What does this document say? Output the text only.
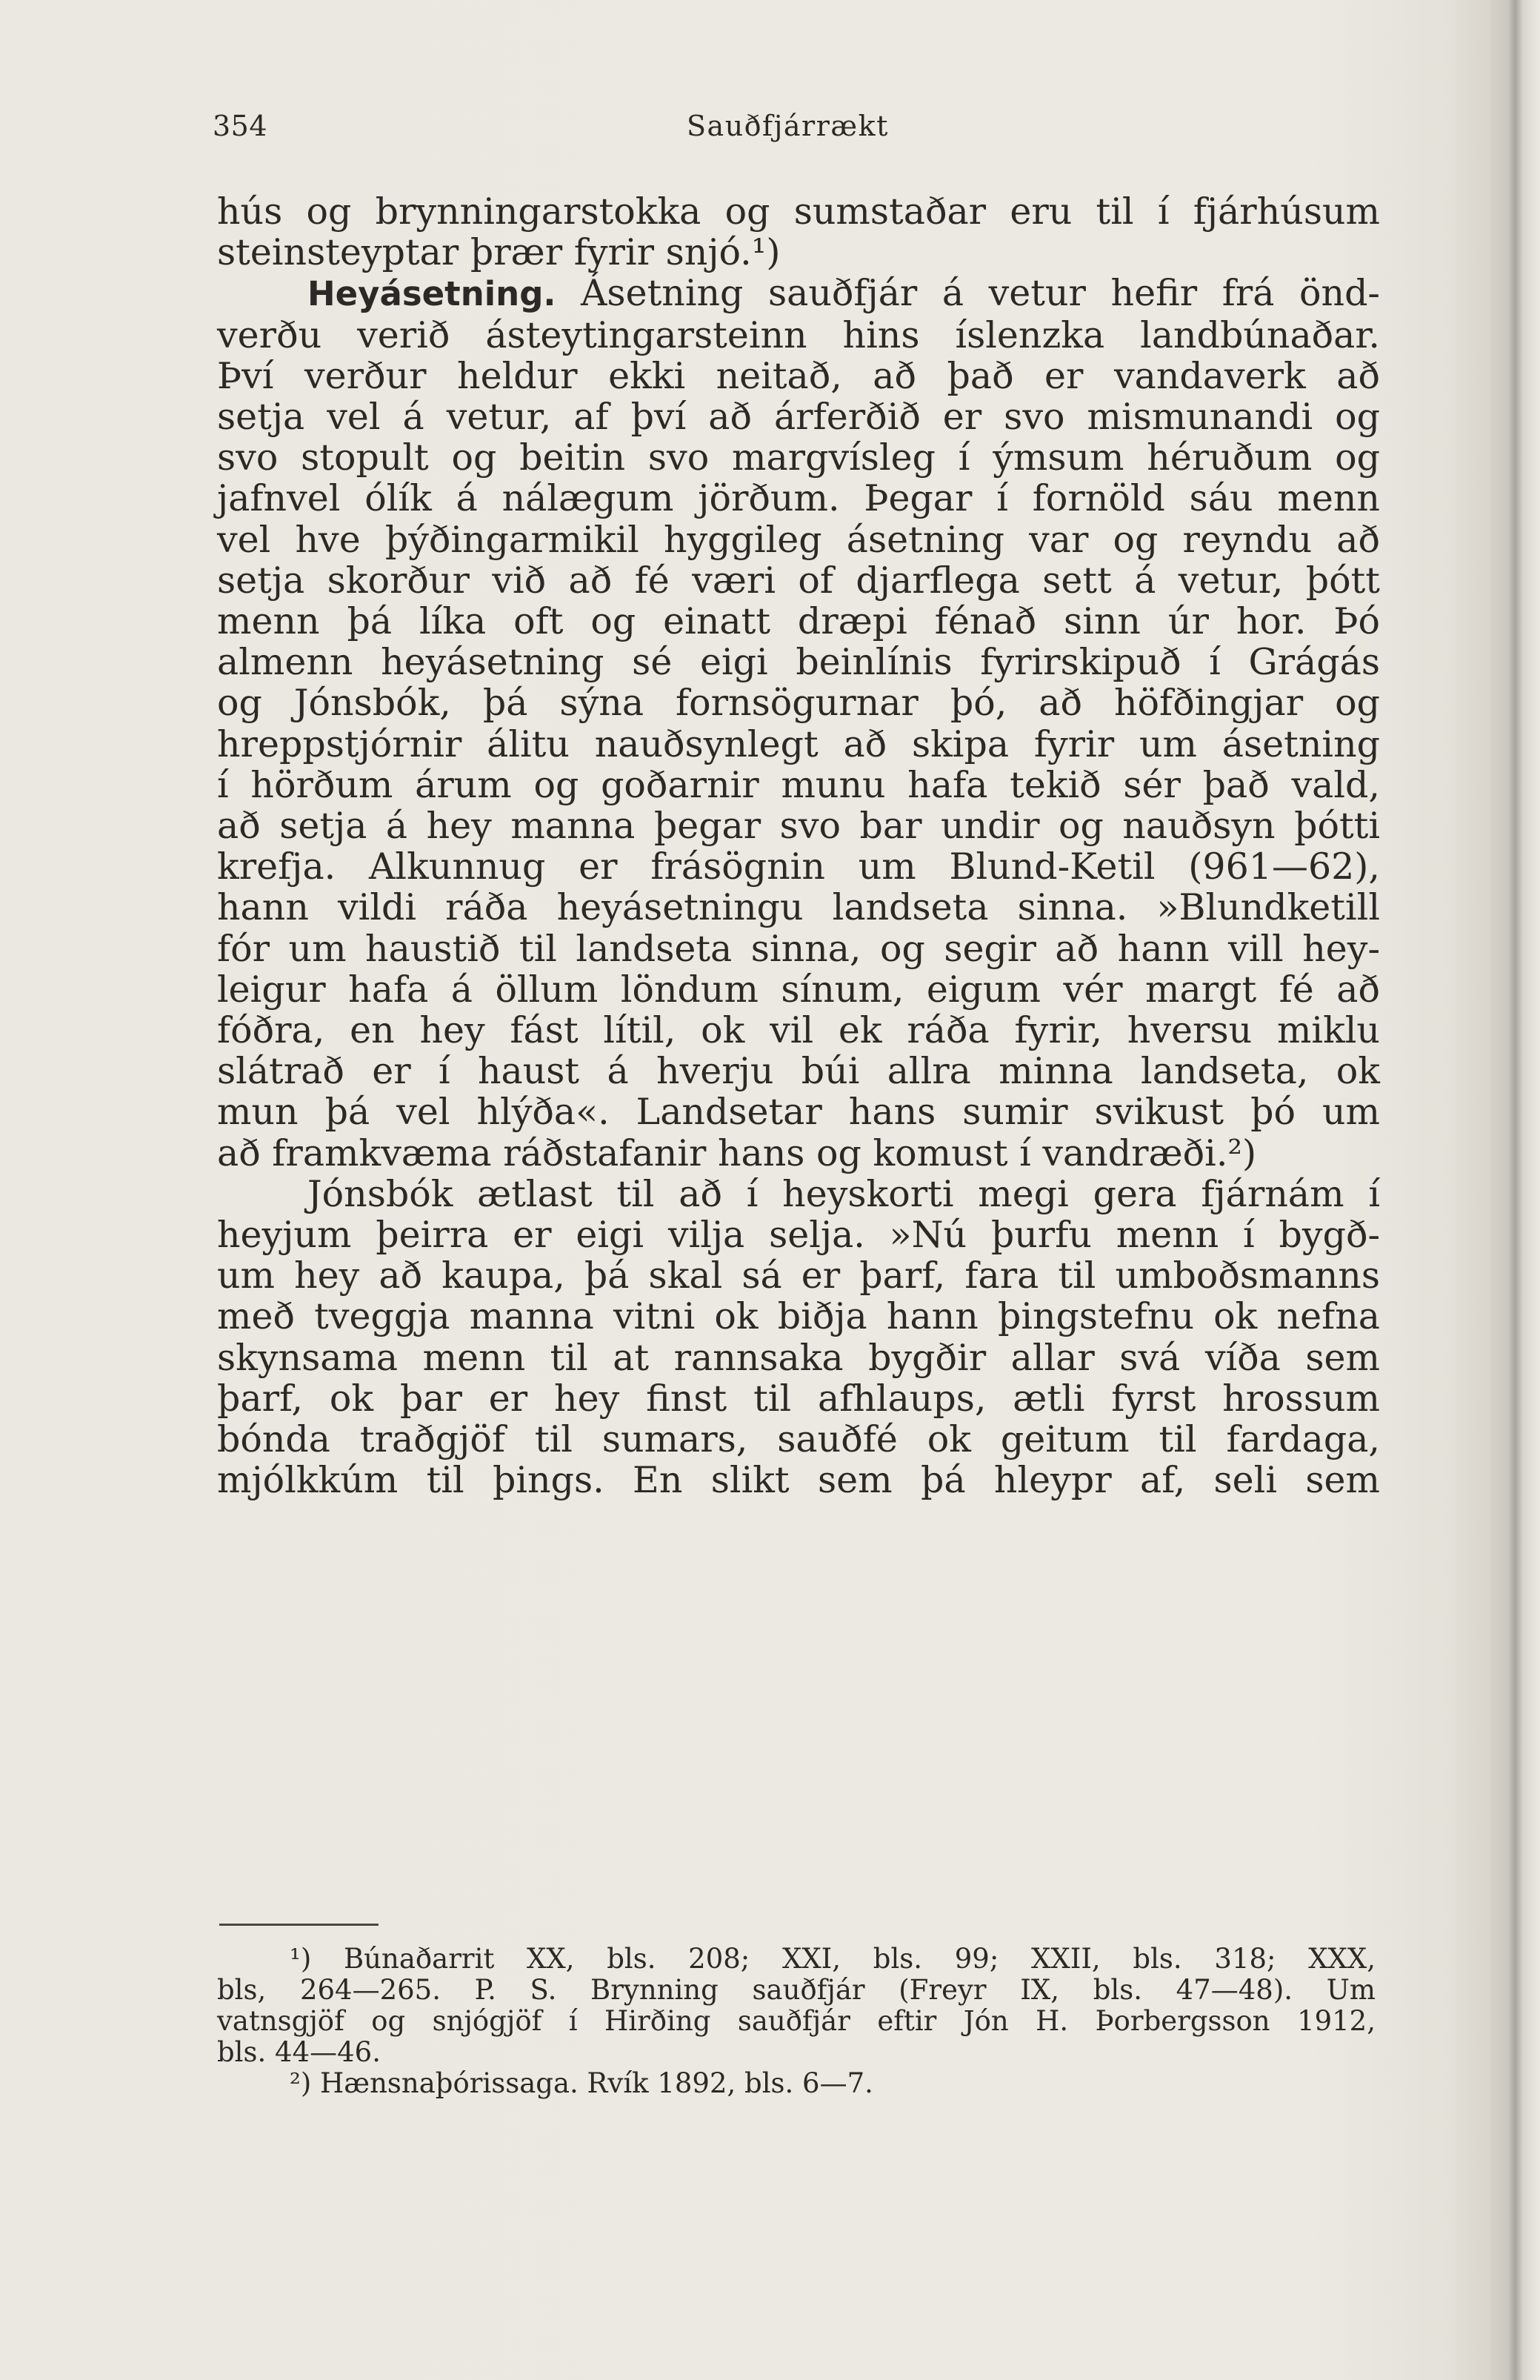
354	Sauðfjárrækt
hús og brynningarstokka og sumstaðar eru til í fjárhúsum
steinsteyptar þrær fyrir snjó.¹)
Heyásetning. Ásetning sauðfjár á vetur hefir frá önd-
verðu verið ásteytingarsteinn hins íslenzka landbúnaðar.
Því verður heldur ekki neitað, að það er vandaverk að
setja vel á vetur, af því að árferðið er svo mismunandi og
svo stopult og beitin svo margvísleg í ýmsum héruðum og
jafnvel ólík á nálægum jörðum. Þegar í fornöld sáu menn
vel hve þýðingarmikil hyggileg ásetning var og reyndu að
setja skorður við að fé væri of djarflega sett á vetur, þótt
menn þá líka oft og einatt dræpi fénað sinn úr hor. Þó
almenn heyásetning sé eigi beinlínis fyrirskipuð í Grágás
og Jónsbók, þá sýna fornsögurnar þó, að höfðingjar og
hreppstjórnir álitu nauðsynlegt að skipa fyrir um ásetning
í hörðum árum og goðarnir munu hafa tekið sér það vald,
að setja á hey manna þegar svo bar undir og nauðsyn þótti
krefja. Alkunnug er frásögnin um Blund-Ketil (961—62),
hann vildi ráða heyásetningu landseta sinna. »Blundketill
fór um haustið til landseta sinna, og segir að hann vill hey-
leigur hafa á öllum löndum sínum, eigum vér margt fé að
fóðra, en hey fást lítil, ok vil ek ráða fyrir, hversu miklu
slátrað er í haust á hverju búi allra minna landseta, ok
mun þá vel hlýða«. Landsetar hans sumir svikust þó um
að framkvæma ráðstafanir hans og komust í vandræði.²)
Jónsbók ætlast til að í heyskorti megi gera fjárnám í
heyjum þeirra er eigi vilja selja. »Nú þurfu menn í bygð-
um hey að kaupa, þá skal sá er þarf, fara til umboðsmanns
með tveggja manna vitni ok biðja hann þingstefnu ok nefna
skynsama menn til at rannsaka bygðir allar svá víða sem
þarf, ok þar er hey finst til afhlaups, ætli fyrst hrossum
bónda traðgjöf til sumars, sauðfé ok geitum til fardaga,
mjólkkúm til þings. En slikt sem þá hleypr af, seli sem
¹) Búnaðarrit XX, bls. 208; XXI, bls. 99; XXII, bls. 318; XXX,
bls, 264—265. P. S. Brynning sauðfjár (Freyr IX, bls. 47—48). Um
vatnsgjöf og snjógjöf í Hirðing sauðfjár eftir Jón H. Þorbergsson 1912,
bls. 44—46.
²) Hænsnaþórissaga. Rvík 1892, bls. 6—7.
